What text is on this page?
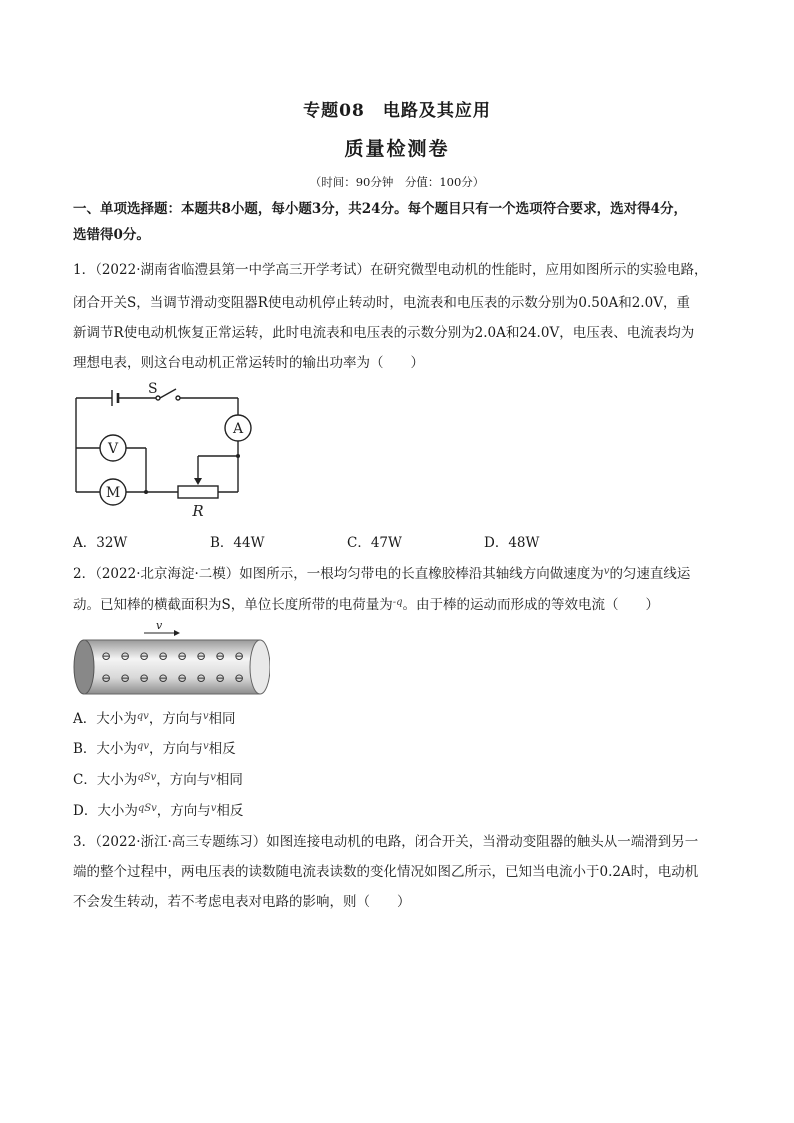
专题08　电路及其应用
质量检测卷
（时间：90分钟　分值：100分）
一、单项选择题：本题共8小题，每小题3分，共24分。每个题目只有一个选项符合要求，选对得4分，
选错得0分。
1．（2022·湖南省临澧县第一中学高三开学考试）在研究微型电动机的性能时，应用如图所示的实验电路，
闭合开关S，当调节滑动变阻器R使电动机停止转动时，电流表和电压表的示数分别为0.50A和2.0V，重
新调节R使电动机恢复正常运转，此时电流表和电压表的示数分别为2.0A和24.0V，电压表、电流表均为
理想电表，则这台电动机正常运转时的输出功率为（　　）
S
A
V
M
R
A．32W	B．44W	C．47W	D．48W
2．（2022·北京海淀·二模）如图所示，一根均匀带电的长直橡胶棒沿其轴线方向做速度为$^v$的匀速直线运
动。已知棒的横截面积为S，单位长度所带的电荷量为$^{-q}$。由于棒的运动而形成的等效电流（　　）
v
⊖ ⊖ ⊖ ⊖ ⊖ ⊖ ⊖ ⊖
⊖ ⊖ ⊖ ⊖ ⊖ ⊖ ⊖ ⊖
A．大小为$^{qv}$，方向与$^v$相同
B．大小为$^{qv}$，方向与$^v$相反
C．大小为$^{qSv}$，方向与$^v$相同
D．大小为$^{qSv}$，方向与$^v$相反
3．（2022·浙江·高三专题练习）如图连接电动机的电路，闭合开关，当滑动变阻器的触头从一端滑到另一
端的整个过程中，两电压表的读数随电流表读数的变化情况如图乙所示，已知当电流小于0.2A时，电动机
不会发生转动，若不考虑电表对电路的影响，则（　　）
